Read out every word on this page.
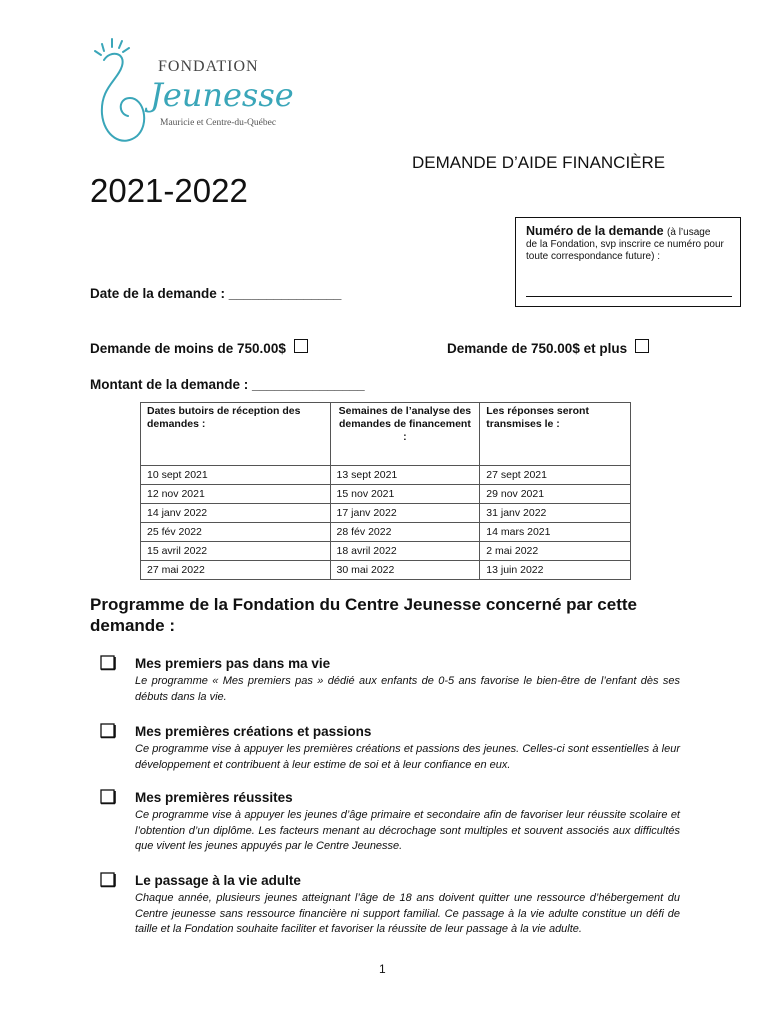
FONDATION
Jeunesse
Mauricie et Centre-du-Québec
DEMANDE D’AIDE FINANCIÈRE
2021-2022
Numéro de la demande (à l’usage
de la Fondation, svp inscrire ce numéro pour toute correspondance future) :
Date de la demande : _______________
Demande de moins de 750.00$	Demande de 750.00$ et plus
Montant de la demande : _______________
Dates butoirs de réception des demandes :	Semaines de l’analyse des demandes de financement :	Les réponses seront transmises le :
10 sept 2021	13 sept 2021	27 sept 2021
12 nov 2021	15 nov 2021	29 nov 2021
14 janv 2022	17 janv 2022	31 janv 2022
25 fév 2022	28 fév 2022	14 mars 2021
15 avril 2022	18 avril 2022	2 mai 2022
27 mai 2022	30 mai 2022	13 juin 2022
Programme de la Fondation du Centre Jeunesse concerné par cette demande :
Mes premiers pas dans ma vie
Le programme « Mes premiers pas » dédié aux enfants de 0-5 ans favorise le bien-être de l’enfant dès ses débuts dans la vie.
Mes premières créations et passions
Ce programme vise à appuyer les premières créations et passions des jeunes. Celles-ci sont essentielles à leur développement et contribuent à leur estime de soi et à leur confiance en eux.
Mes premières réussites
Ce programme vise à appuyer les jeunes d’âge primaire et secondaire afin de favoriser leur réussite scolaire et l’obtention d’un diplôme. Les facteurs menant au décrochage sont multiples et souvent associés aux difficultés que vivent les jeunes appuyés par le Centre Jeunesse.
Le passage à la vie adulte
Chaque année, plusieurs jeunes atteignant l’âge de 18 ans doivent quitter une ressource d’hébergement du Centre jeunesse sans ressource financière ni support familial. Ce passage à la vie adulte constitue un défi de taille et la Fondation souhaite faciliter et favoriser la réussite de leur passage à la vie adulte.
1
